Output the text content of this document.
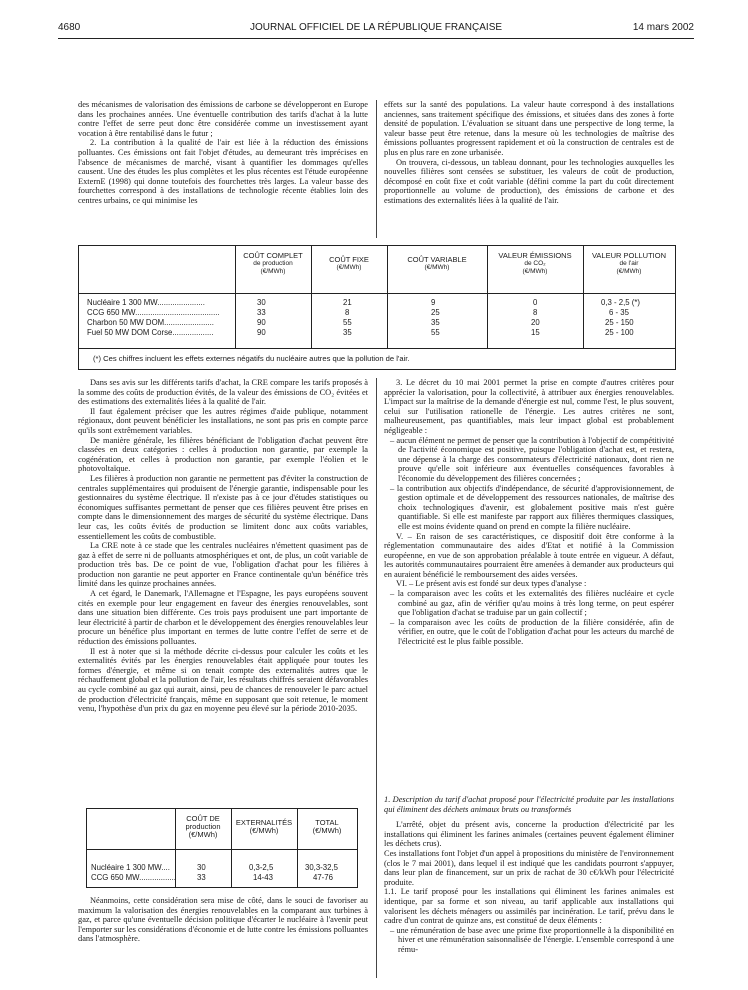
4680	JOURNAL OFFICIEL DE LA RÉPUBLIQUE FRANÇAISE	14 mars 2002

des mécanismes de valorisation des émissions de carbone se développeront en Europe dans les prochaines années. Une éventuelle contribution des tarifs d'achat à la lutte contre l'effet de serre peut donc être considérée comme un investissement ayant vocation à être rentabilisé dans le futur ;

2. La contribution à la qualité de l'air est liée à la réduction des émissions polluantes. Ces émissions ont fait l'objet d'études, au demeurant très imprécises en l'absence de mécanismes de marché, visant à quantifier les dommages qu'elles causent. Une des études les plus complètes et les plus récentes est l'étude européenne ExternE (1998) qui donne toutefois des fourchettes très larges. La valeur basse des fourchettes correspond à des installations de technologie récente établies loin des centres urbains, ce qui minimise les

effets sur la santé des populations. La valeur haute correspond à des installations anciennes, sans traitement spécifique des émissions, et situées dans des zones à forte densité de population. L'évaluation se situant dans une perspective de long terme, la valeur basse peut être retenue, dans la mesure où les technologies de maîtrise des émissions polluantes progressent rapidement et où la construction de centrales est de plus en plus rare en zone urbanisée.

On trouvera, ci-dessous, un tableau donnant, pour les technologies auxquelles les nouvelles filières sont censées se substituer, les valeurs de coût de production, décomposé en coût fixe et coût variable (défini comme la part du coût directement proportionnelle au volume de production), des émissions de carbone et des estimations des externalités liées à la qualité de l'air.

COÛT COMPLET
de production
(€/MWh)
COÛT FIXE
(€/MWh)
COÛT VARIABLE
(€/MWh)
VALEUR ÉMISSIONS
de CO₂
(€/MWh)
VALEUR POLLUTION
de l'air
(€/MWh)
Nucléaire 1 300 MW......................	30	21	9	0	0,3 - 2,5 (*)
CCG 650 MW.......................................	33	8	25	8	6 - 35
Charbon 50 MW DOM.......................	90	55	35	20	25 - 150
Fuel 50 MW DOM Corse...................	90	35	55	15	25 - 100
(*) Ces chiffres incluent les effets externes négatifs du nucléaire autres que la pollution de l'air.

Dans ses avis sur les différents tarifs d'achat, la CRE compare les tarifs proposés à la somme des coûts de production évités, de la valeur des émissions de CO₂ évitées et des estimations des externalités liées à la qualité de l'air.

Il faut également préciser que les autres régimes d'aide publique, notamment régionaux, dont peuvent bénéficier les installations, ne sont pas pris en compte parce qu'ils sont extrêmement variables.

De manière générale, les filières bénéficiant de l'obligation d'achat peuvent être classées en deux catégories : celles à production non garantie, par exemple la cogénération, et celles à production non garantie, par exemple l'éolien et le photovoltaïque.

Les filières à production non garantie ne permettent pas d'éviter la construction de centrales supplémentaires qui produisent de l'énergie garantie, indispensable pour les gestionnaires du système électrique. Il n'existe pas à ce jour d'études statistiques ou économiques suffisantes permettant de penser que ces filières peuvent être prises en compte dans le dimensionnement des marges de sécurité du système électrique. Dans leur cas, les coûts évités de production se limitent donc aux coûts variables, essentiellement les coûts de combustible.

La CRE note à ce stade que les centrales nucléaires n'émettent quasiment pas de gaz à effet de serre ni de polluants atmosphériques et ont, de plus, un coût variable de production très bas. De ce point de vue, l'obligation d'achat pour les filières à production non garantie ne peut apporter en France continentale qu'un bénéfice très limité dans les quinze prochaines années.

A cet égard, le Danemark, l'Allemagne et l'Espagne, les pays européens souvent cités en exemple pour leur engagement en faveur des énergies renouvelables, sont dans une situation bien différente. Ces trois pays produisent une part importante de leur électricité à partir de charbon et le développement des énergies renouvelables leur procure un bénéfice plus important en termes de lutte contre l'effet de serre et de réduction des émissions polluantes.

Il est à noter que si la méthode décrite ci-dessus pour calculer les coûts et les externalités évités par les énergies renouvelables était appliquée pour toutes les formes d'énergie, et même si on tenait compte des externalités autres que le réchauffement global et la pollution de l'air, les résultats chiffrés seraient défavorables au cycle combiné au gaz qui aurait, ainsi, peu de chances de renouveler le parc actuel de production d'électricité français, même en supposant que soit retenue, le moment venu, l'hypothèse d'un prix du gaz en moyenne peu élevé sur la période 2010-2035.

COÛT DE
production
(€/MWh)
EXTERNALITÉS
(€/MWh)
TOTAL
(€/MWh)
Nucléaire 1 300 MW....	30	0,3-2,5	30,3-32,5
CCG 650 MW.................	33	14-43	47-76

Néanmoins, cette considération sera mise de côté, dans le souci de favoriser au maximum la valorisation des énergies renouvelables en la comparant aux turbines à gaz, et parce qu'une éventuelle décision politique d'écarter le nucléaire à l'avenir peut l'emporter sur les considérations d'économie et de lutte contre les émissions polluantes dans l'atmosphère.

3. Le décret du 10 mai 2001 permet la prise en compte d'autres critères pour apprécier la valorisation, pour la collectivité, à attribuer aux énergies renouvelables. L'impact sur la maîtrise de la demande d'énergie est nul, comme l'est, le plus souvent, celui sur l'utilisation rationelle de l'énergie. Les autres critères ne sont, malheureusement, pas quantifiables, mais leur impact global est probablement négligeable :

– aucun élément ne permet de penser que la contribution à l'objectif de compétitivité de l'activité économique est positive, puisque l'obligation d'achat est, et restera, une dépense à la charge des consommateurs d'électricité nationaux, dont rien ne prouve qu'elle soit inférieure aux éventuelles conséquences favorables à l'économie du développement des filières concernées ;

– la contribution aux objectifs d'indépendance, de sécurité d'approvisionnement, de gestion optimale et de développement des ressources nationales, de maîtrise des choix technologiques d'avenir, est globalement positive mais n'est guère quantifiable. Si elle est manifeste par rapport aux filières thermiques classiques, elle est moins évidente quand on prend en compte la filière nucléaire.

V. – En raison de ses caractéristiques, ce dispositif doit être conforme à la réglementation communautaire des aides d'Etat et notifié à la Commission européenne, en vue de son approbation préalable à toute entrée en vigueur. A défaut, les autorités communautaires pourraient être amenées à demander aux producteurs qui en auraient bénéficié le remboursement des aides versées.

VI. – Le présent avis est fondé sur deux types d'analyse :

– la comparaison avec les coûts et les externalités des filières nucléaire et cycle combiné au gaz, afin de vérifier qu'au moins à très long terme, on peut espérer que l'obligation d'achat se traduise par un gain collectif ;

– la comparaison avec les coûts de production de la filière considérée, afin de vérifier, en outre, que le coût de l'obligation d'achat pour les acteurs du marché de l'électricité est le plus faible possible.

1. Description du tarif d'achat proposé pour l'électricité produite par les installations qui éliminent des déchets animaux bruts ou transformés

L'arrêté, objet du présent avis, concerne la production d'électricité par les installations qui éliminent les farines animales (certaines peuvent également éliminer les déchets crus).

Ces installations font l'objet d'un appel à propositions du ministère de l'environnement (clos le 7 mai 2001), dans lequel il est indiqué que les candidats pourront s'appuyer, dans leur plan de financement, sur un prix de rachat de 30 c€/kWh pour l'électricité produite.

1.1. Le tarif proposé pour les installations qui éliminent les farines animales est identique, par sa forme et son niveau, au tarif applicable aux installations qui valorisent les déchets ménagers ou assimilés par incinération. Le tarif, prévu dans le cadre d'un contrat de quinze ans, est constitué de deux éléments :

– une rémunération de base avec une prime fixe proportionnelle à la disponibilité en hiver et une rémunération saisonnalisée de l'énergie. L'ensemble correspond à une rému-
